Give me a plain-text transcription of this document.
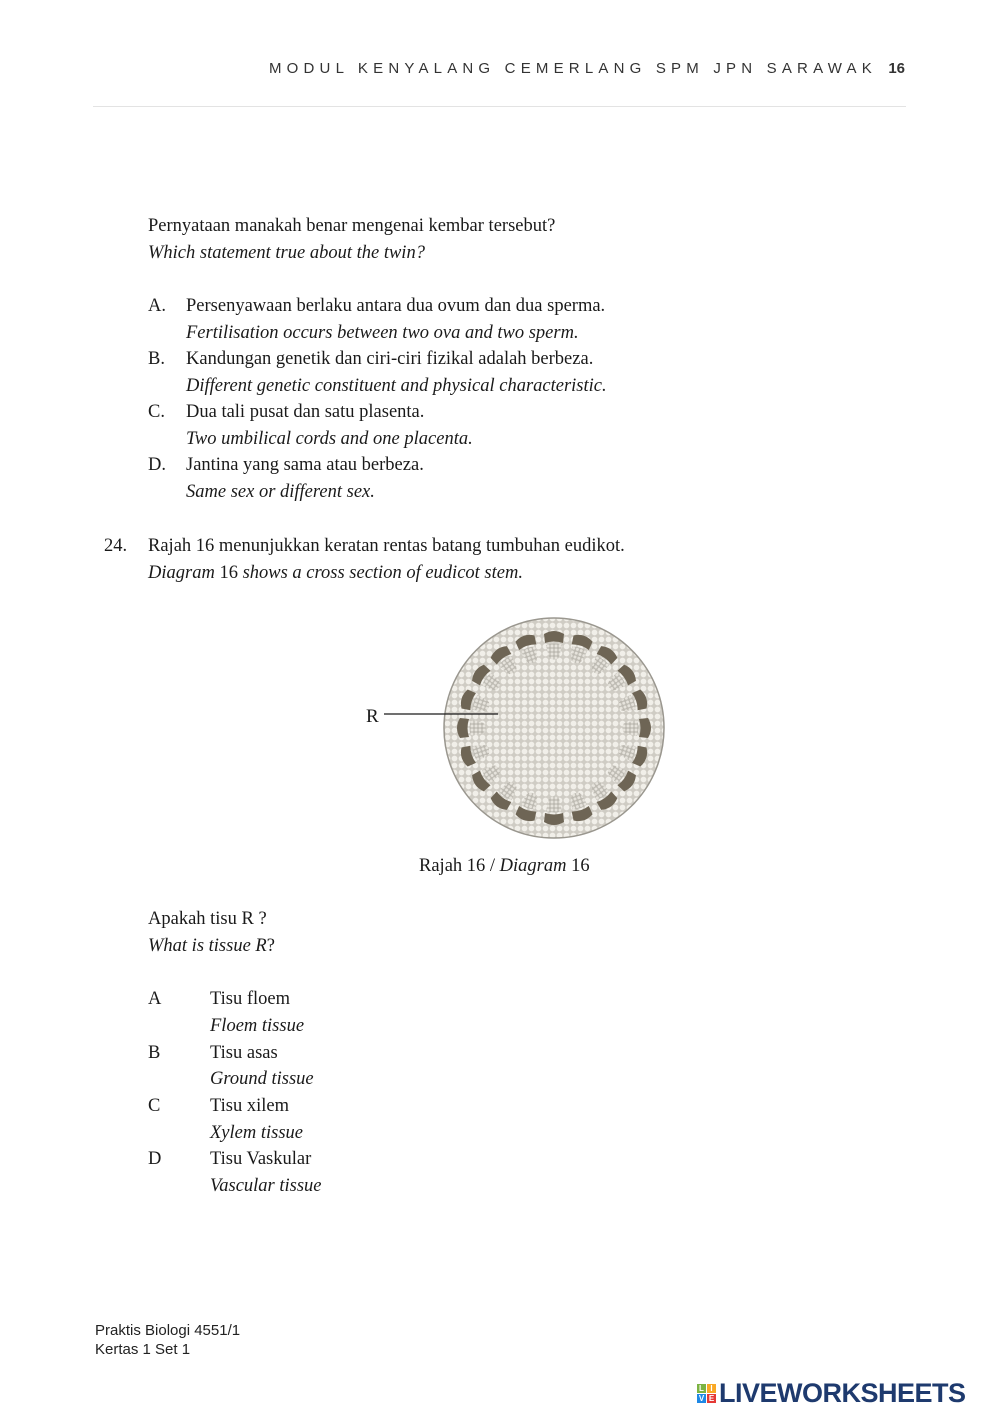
MODUL KENYALANG CEMERLANG SPM JPN SARAWAK 16
Pernyataan manakah benar mengenai kembar tersebut?
Which statement true about the twin?
A. Persenyawaan berlaku antara dua ovum dan dua sperma.
Fertilisation occurs between two ova and two sperm.
B. Kandungan genetik dan ciri-ciri fizikal adalah berbeza.
Different genetic constituent and physical characteristic.
C. Dua tali pusat dan satu plasenta.
Two umbilical cords and one placenta.
D. Jantina yang sama atau berbeza.
Same sex or different sex.
24. Rajah 16 menunjukkan keratan rentas batang tumbuhan eudikot.
Diagram 16 shows a cross section of eudicot stem.
R
Rajah 16 / Diagram 16
Apakah tisu R ?
What is tissue R?
A	Tisu floem
Floem tissue
B	Tisu asas
Ground tissue
C	Tisu xilem
Xylem tissue
D	Tisu Vaskular
Vascular tissue
Praktis Biologi 4551/1
Kertas 1 Set 1
L I
V E LIVEWORKSHEETS
